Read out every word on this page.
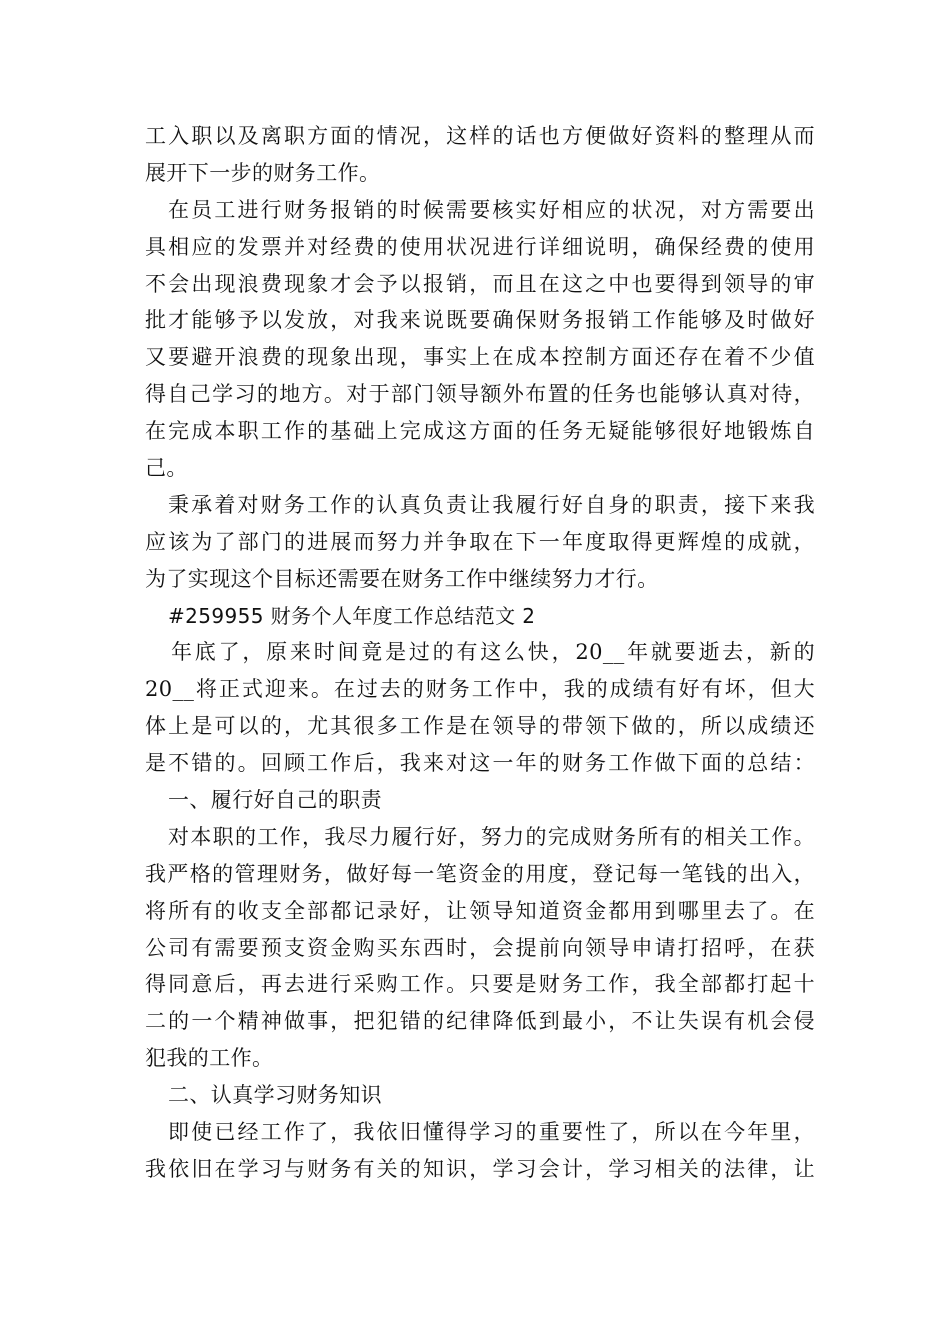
工入职以及离职方面的情况，这样的话也方便做好资料的整理从而
展开下一步的财务工作。
在员工进行财务报销的时候需要核实好相应的状况，对方需要出
具相应的发票并对经费的使用状况进行详细说明，确保经费的使用
不会出现浪费现象才会予以报销，而且在这之中也要得到领导的审
批才能够予以发放，对我来说既要确保财务报销工作能够及时做好
又要避开浪费的现象出现，事实上在成本控制方面还存在着不少值
得自己学习的地方。对于部门领导额外布置的任务也能够认真对待，
在完成本职工作的基础上完成这方面的任务无疑能够很好地锻炼自
己。
秉承着对财务工作的认真负责让我履行好自身的职责，接下来我
应该为了部门的进展而努力并争取在下一年度取得更辉煌的成就，
为了实现这个目标还需要在财务工作中继续努力才行。
#259955 财务个人年度工作总结范文 2
年底了，原来时间竟是过的有这么快，20__年就要逝去，新的
20__将正式迎来。在过去的财务工作中，我的成绩有好有坏，但大
体上是可以的，尤其很多工作是在领导的带领下做的，所以成绩还
是不错的。回顾工作后，我来对这一年的财务工作做下面的总结：
一、履行好自己的职责
对本职的工作，我尽力履行好，努力的完成财务所有的相关工作。
我严格的管理财务，做好每一笔资金的用度，登记每一笔钱的出入，
将所有的收支全部都记录好，让领导知道资金都用到哪里去了。在
公司有需要预支资金购买东西时，会提前向领导申请打招呼，在获
得同意后，再去进行采购工作。只要是财务工作，我全部都打起十
二的一个精神做事，把犯错的纪律降低到最小，不让失误有机会侵
犯我的工作。
二、认真学习财务知识
即使已经工作了，我依旧懂得学习的重要性了，所以在今年里，
我依旧在学习与财务有关的知识，学习会计，学习相关的法律，让
